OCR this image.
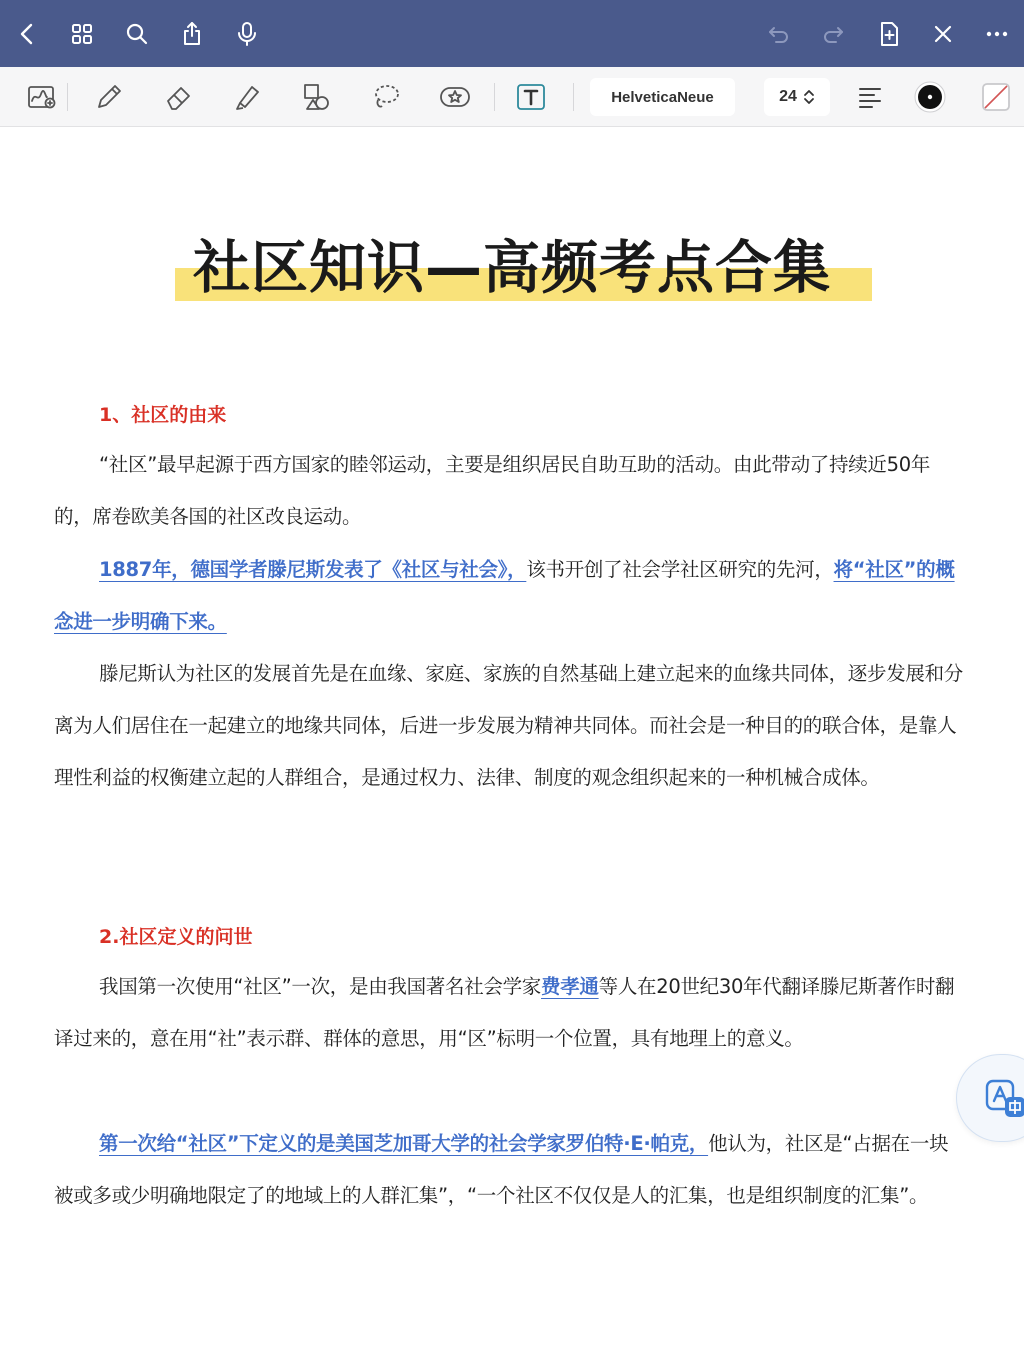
HelveticaNeue	24
社区知识—高频考点合集
1、社区的由来
“社区”最早起源于西方国家的睦邻运动，主要是组织居民自助互助的活动。由此带动了持续近50年的，席卷欧美各国的社区改良运动。
1887年，德国学者滕尼斯发表了《社区与社会》，该书开创了社会学社区研究的先河，将“社区”的概念进一步明确下来。
滕尼斯认为社区的发展首先是在血缘、家庭、家族的自然基础上建立起来的血缘共同体，逐步发展和分离为人们居住在一起建立的地缘共同体，后进一步发展为精神共同体。而社会是一种目的的联合体，是靠人理性利益的权衡建立起的人群组合，是通过权力、法律、制度的观念组织起来的一种机械合成体。
2.社区定义的问世
我国第一次使用“社区”一次，是由我国著名社会学家费孝通等人在20世纪30年代翻译滕尼斯著作时翻译过来的，意在用“社”表示群、群体的意思，用“区”标明一个位置，具有地理上的意义。
第一次给“社区”下定义的是美国芝加哥大学的社会学家罗伯特·E·帕克，他认为，社区是“占据在一块被或多或少明确地限定了的地域上的人群汇集”，“一个社区不仅仅是人的汇集，也是组织制度的汇集”。
